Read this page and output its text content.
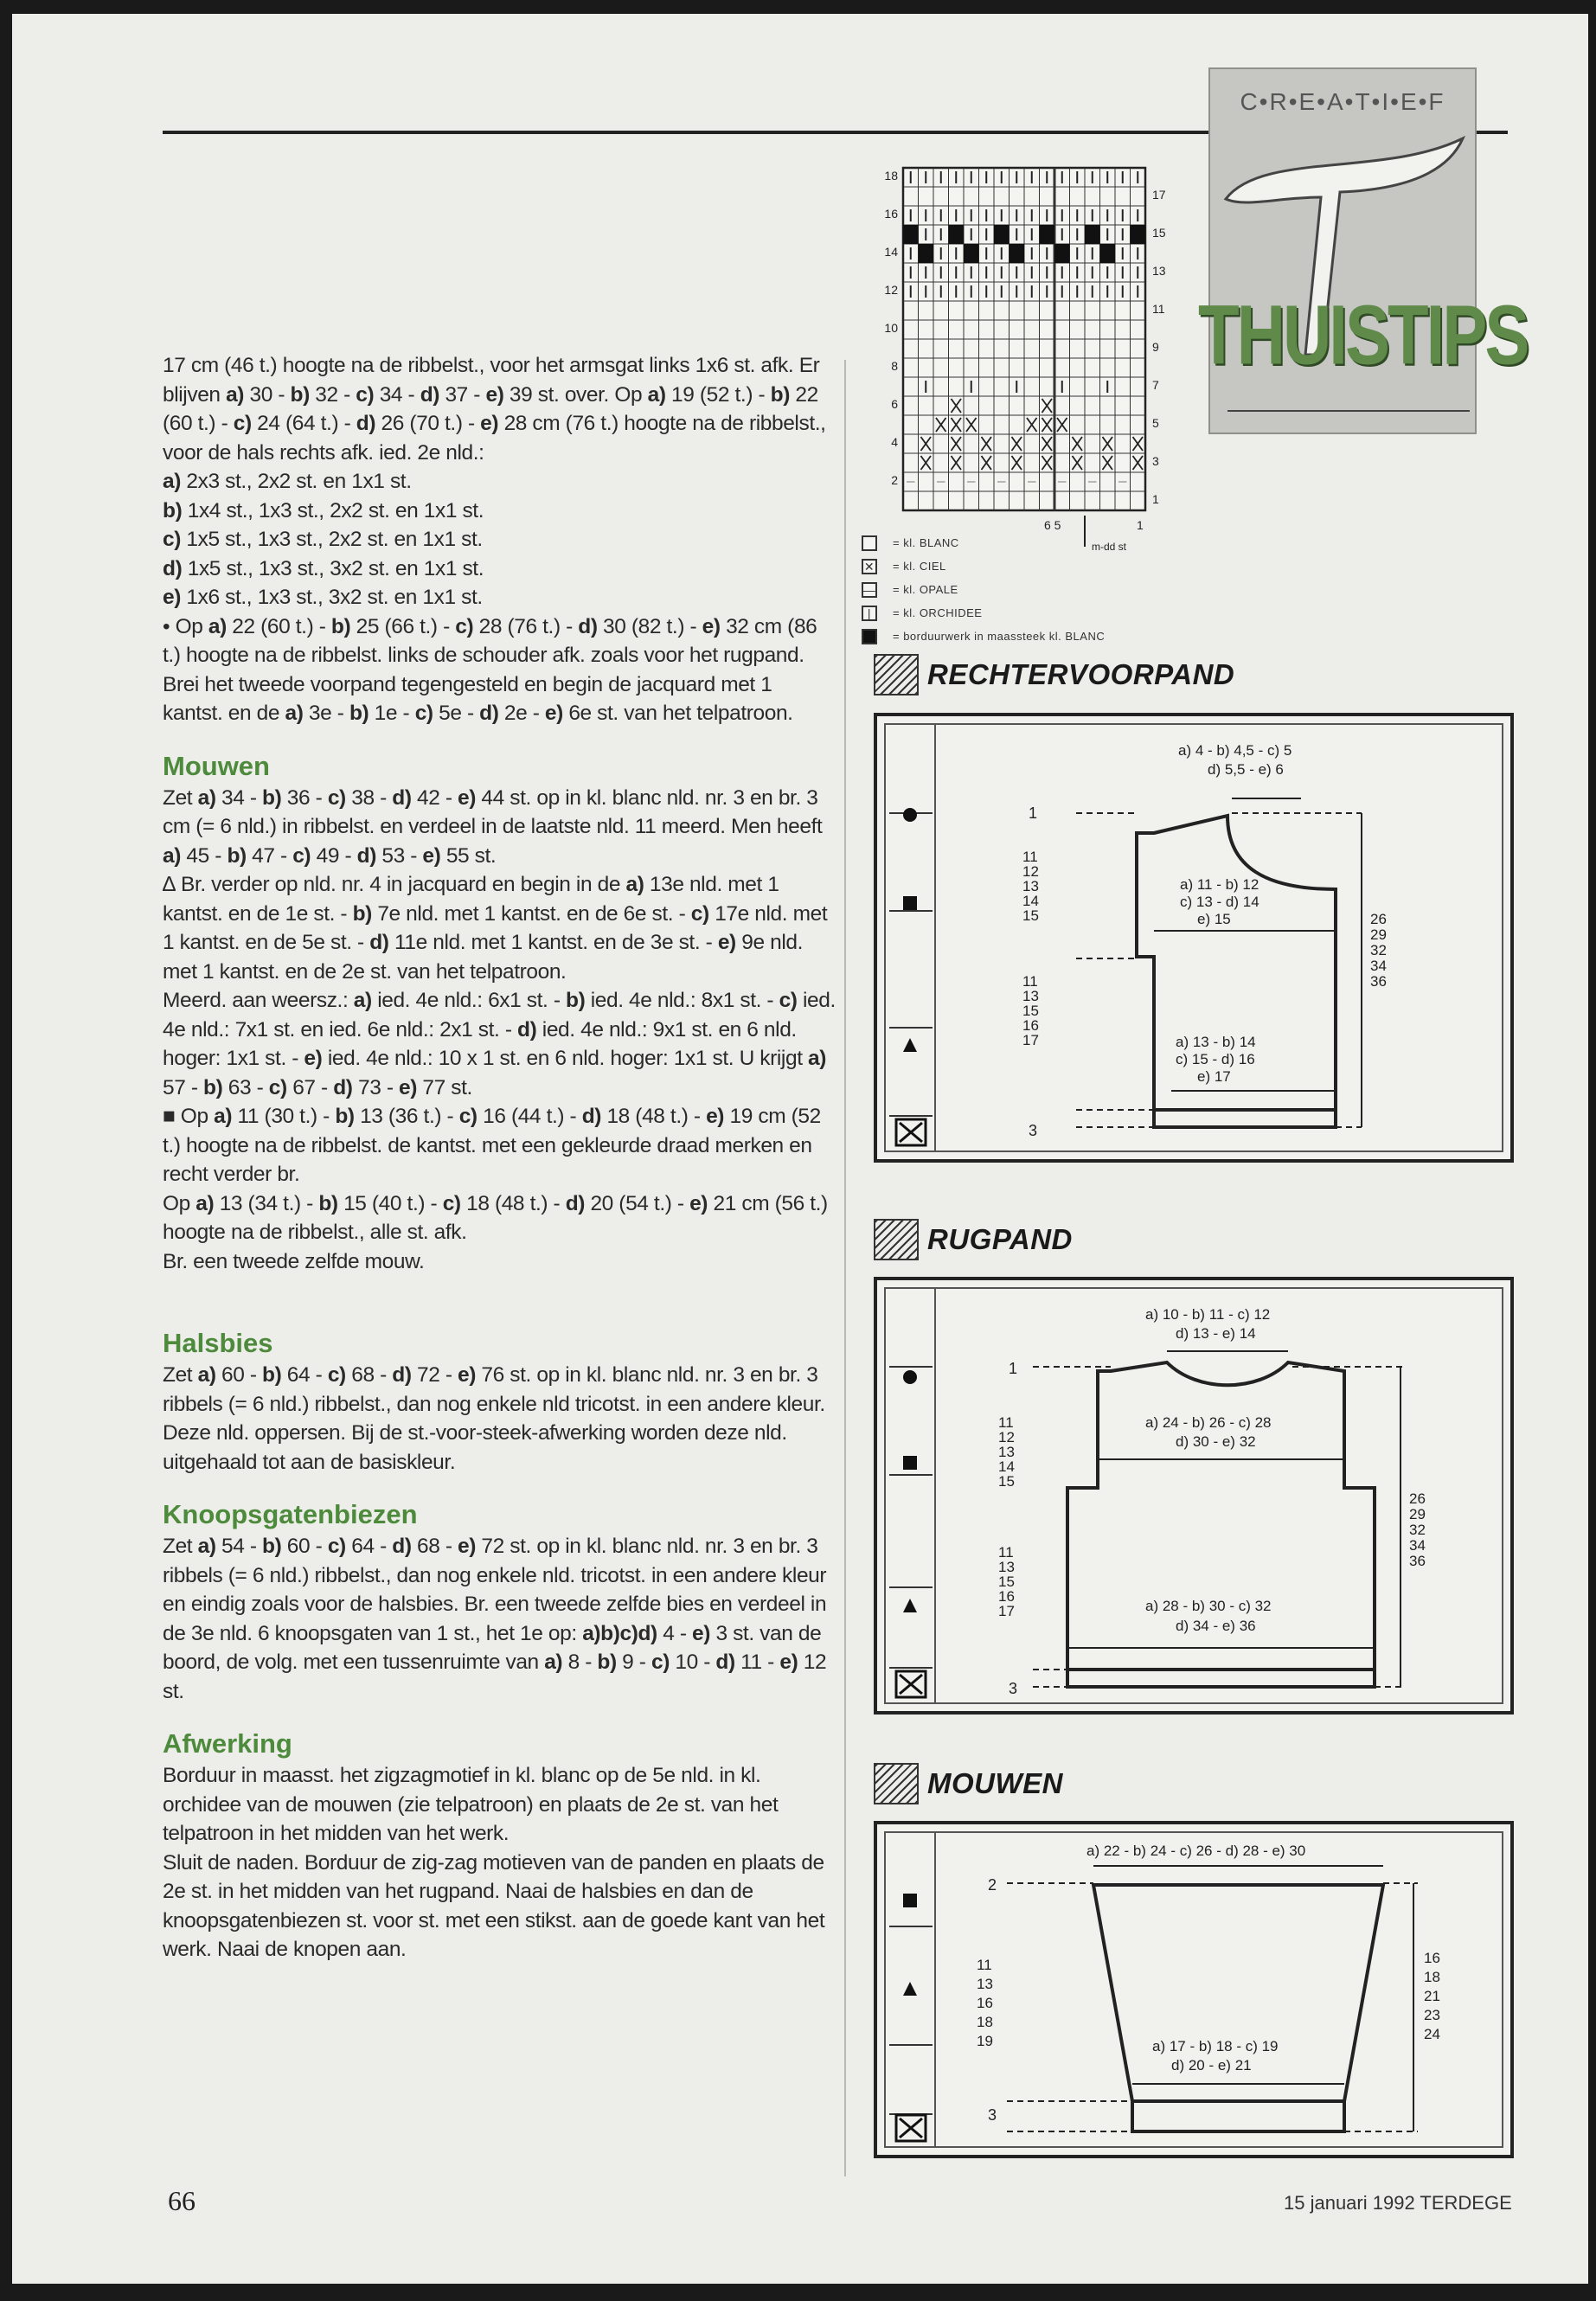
C•R•E•A•T•I•E•F
THUISTIPS

17 cm (46 t.) hoogte na de ribbelst., voor het armsgat links 1x6 st. afk. Er blijven a) 30 - b) 32 - c) 34 - d) 37 - e) 39 st. over. Op a) 19 (52 t.) - b) 22 (60 t.) - c) 24 (64 t.) - d) 26 (70 t.) - e) 28 cm (76 t.) hoogte na de ribbelst., voor de hals rechts afk. ied. 2e nld.:

a) 2x3 st., 2x2 st. en 1x1 st.

b) 1x4 st., 1x3 st., 2x2 st. en 1x1 st.

c) 1x5 st., 1x3 st., 2x2 st. en 1x1 st.

d) 1x5 st., 1x3 st., 3x2 st. en 1x1 st.

e) 1x6 st., 1x3 st., 3x2 st. en 1x1 st.

• Op a) 22 (60 t.) - b) 25 (66 t.) - c) 28 (76 t.) - d) 30 (82 t.) - e) 32 cm (86 t.) hoogte na de ribbelst. links de schouder afk. zoals voor het rugpand.

Brei het tweede voorpand tegengesteld en begin de jacquard met 1 kantst. en de a) 3e - b) 1e - c) 5e - d) 2e - e) 6e st. van het telpatroon.

Mouwen

Zet a) 34 - b) 36 - c) 38 - d) 42 - e) 44 st. op in kl. blanc nld. nr. 3 en br. 3 cm (= 6 nld.) in ribbelst. en verdeel in de laatste nld. 11 meerd. Men heeft a) 45 - b) 47 - c) 49 - d) 53 - e) 55 st.

∆ Br. verder op nld. nr. 4 in jacquard en begin in de a) 13e nld. met 1 kantst. en de 1e st. - b) 7e nld. met 1 kantst. en de 6e st. - c) 17e nld. met 1 kantst. en de 5e st. - d) 11e nld. met 1 kantst. en de 3e st. - e) 9e nld. met 1 kantst. en de 2e st. van het telpatroon.

Meerd. aan weersz.: a) ied. 4e nld.: 6x1 st. - b) ied. 4e nld.: 8x1 st. - c) ied. 4e nld.: 7x1 st. en ied. 6e nld.: 2x1 st. - d) ied. 4e nld.: 9x1 st. en 6 nld. hoger: 1x1 st. - e) ied. 4e nld.: 10 x 1 st. en 6 nld. hoger: 1x1 st. U krijgt a) 57 - b) 63 - c) 67 - d) 73 - e) 77 st.

■ Op a) 11 (30 t.) - b) 13 (36 t.) - c) 16 (44 t.) - d) 18 (48 t.) - e) 19 cm (52 t.) hoogte na de ribbelst. de kantst. met een gekleurde draad merken en recht verder br.

Op a) 13 (34 t.) - b) 15 (40 t.) - c) 18 (48 t.) - d) 20 (54 t.) - e) 21 cm (56 t.) hoogte na de ribbelst., alle st. afk.

Br. een tweede zelfde mouw.

Halsbies

Zet a) 60 - b) 64 - c) 68 - d) 72 - e) 76 st. op in kl. blanc nld. nr. 3 en br. 3 ribbels (= 6 nld.) ribbelst., dan nog enkele nld tricotst. in een andere kleur. Deze nld. oppersen. Bij de st.-voor-steek-afwerking worden deze nld. uitgehaald tot aan de basiskleur.

Knoopsgatenbiezen

Zet a) 54 - b) 60 - c) 64 - d) 68 - e) 72 st. op in kl. blanc nld. nr. 3 en br. 3 ribbels (= 6 nld.) ribbelst., dan nog enkele nld. tricotst. in een andere kleur en eindig zoals voor de halsbies. Br. een tweede zelfde bies en verdeel in de 3e nld. 6 knoopsgaten van 1 st., het 1e op: a)b)c)d) 4 - e) 3 st. van de boord, de volg. met een tussenruimte van a) 8 - b) 9 - c) 10 - d) 11 - e) 12 st.

Afwerking

Borduur in maasst. het zigzagmotief in kl. blanc op de 5e nld. in kl. orchidee van de mouwen (zie telpatroon) en plaats de 2e st. van het telpatroon in het midden van het werk.

Sluit de naden. Borduur de zig-zag motieven van de panden en plaats de 2e st. in het midden van het rugpand. Naai de halsbies en dan de knoopsgatenbiezen st. voor st. met een stikst. aan de goede kant van het werk. Naai de knopen aan.

18
16
14
12
10
8
6
4
2
17
15
13
11
9
7
5
3
1
6 5	1
m-dd st
= kl. BLANC
✕ = kl. CIEL
— = kl. OPALE
|	= kl. ORCHIDEE
= borduurwerk in maassteek kl. BLANC
RECHTERVOORPAND
RUGPAND
MOUWEN
1
3
a) 4 - b) 4,5 - c) 5
d) 5,5 - e) 6
a) 11 - b) 12
c) 13 - d) 14
e) 15
a) 13 - b) 14
c) 15 - d) 16
e) 17
11
12
13
14
15
11
13
15
16
17
26
29
32
34
36
1
3
a) 10 - b) 11 - c) 12
d) 13 - e) 14
a) 24 - b) 26 - c) 28
d) 30 - e) 32
a) 28 - b) 30 - c) 32
d) 34 - e) 36
11
12
13
14
15
11
13
15
16
17
26
29
32
34
36
a) 22 - b) 24 - c) 26 - d) 28 - e) 30
a) 17 - b) 18 - c) 19
d) 20 - e) 21
2
3
11
13
16
18
19
16
18
21
23
24
66	15 januari 1992 TERDEGE
